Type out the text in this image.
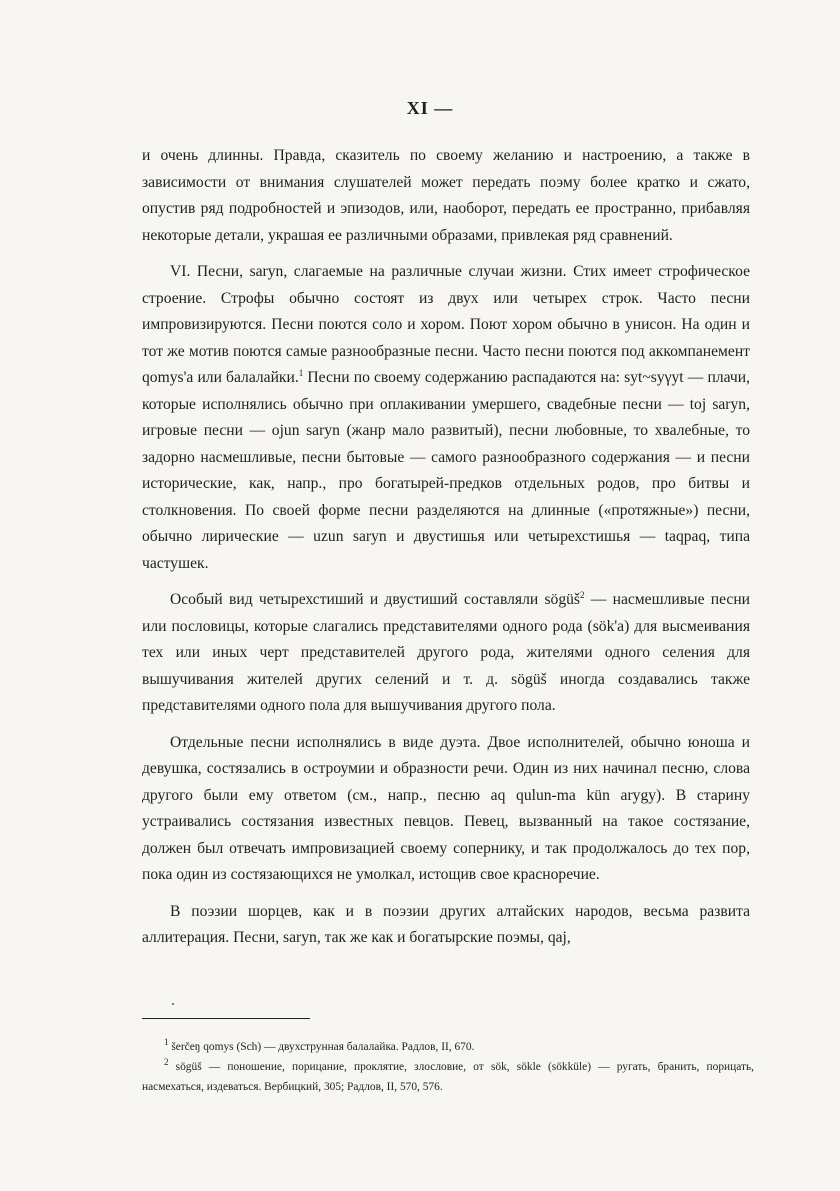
XI —

и очень длинны. Правда, сказитель по своему желанию и настроению, а также в зависимости от внимания слушателей может передать поэму более кратко и сжато, опустив ряд подробностей и эпизодов, или, наоборот, передать ее пространно, прибавляя некоторые детали, украшая ее различными образами, привлекая ряд сравнений.

VI. Песни, saryn, слагаемые на различные случаи жизни. Стих имеет строфическое строение. Строфы обычно состоят из двух или четырех строк. Часто песни импровизируются. Песни поются соло и хором. Поют хором обычно в унисон. На один и тот же мотив поются самые разнообразные песни. Часто песни поются под аккомпанемент qomys'a или балалайки.$^1$ Песни по своему содержанию распадаются на: syt~syγyt — плачи, которые исполнялись обычно при оплакивании умершего, свадебные песни — toj saryn, игровые песни — ojun saryn (жанр мало развитый), песни любовные, то хвалебные, то задорно насмешливые, песни бытовые — самого разнообразного содержания — и песни исторические, как, напр., про богатырей-предков отдельных родов, про битвы и столкновения. По своей форме песни разделяются на длинные («протяжные») песни, обычно лирические — uzun saryn и двустишья или четырехстишья — taqpaq, типа частушек.

Особый вид четырехстиший и двустиший составляли sögüš$^2$ — насмешливые песни или пословицы, которые слагались представителями одного рода (sök'a) для высмеивания тех или иных черт представителей другого рода, жителями одного селения для вышучивания жителей других селений и т. д. sögüš иногда создавались также представителями одного пола для вышучивания другого пола.

Отдельные песни исполнялись в виде дуэта. Двое исполнителей, обычно юноша и девушка, состязались в остроумии и образности речи. Один из них начинал песню, слова другого были ему ответом (см., напр., песню aq qulun-ma kün arygy). В старину устраивались состязания известных певцов. Певец, вызванный на такое состязание, должен был отвечать импровизацией своему сопернику, и так продолжалось до тех пор, пока один из состязающихся не умолкал, истощив свое красноречие.

В поэзии шорцев, как и в поэзии других алтайских народов, весьма развита аллитерация. Песни, saryn, так же как и богатырские поэмы, qaj,

$^1$ šerčeŋ qomys (Sch) — двухструнная балалайка. Радлов, II, 670.

$^2$ sögüš — поношение, порицание, проклятие, злословие, от sök, sökle (sökküle) — ругать, бранить, порицать, насмехаться, издеваться. Вербицкий, 305; Радлов, II, 570, 576.
